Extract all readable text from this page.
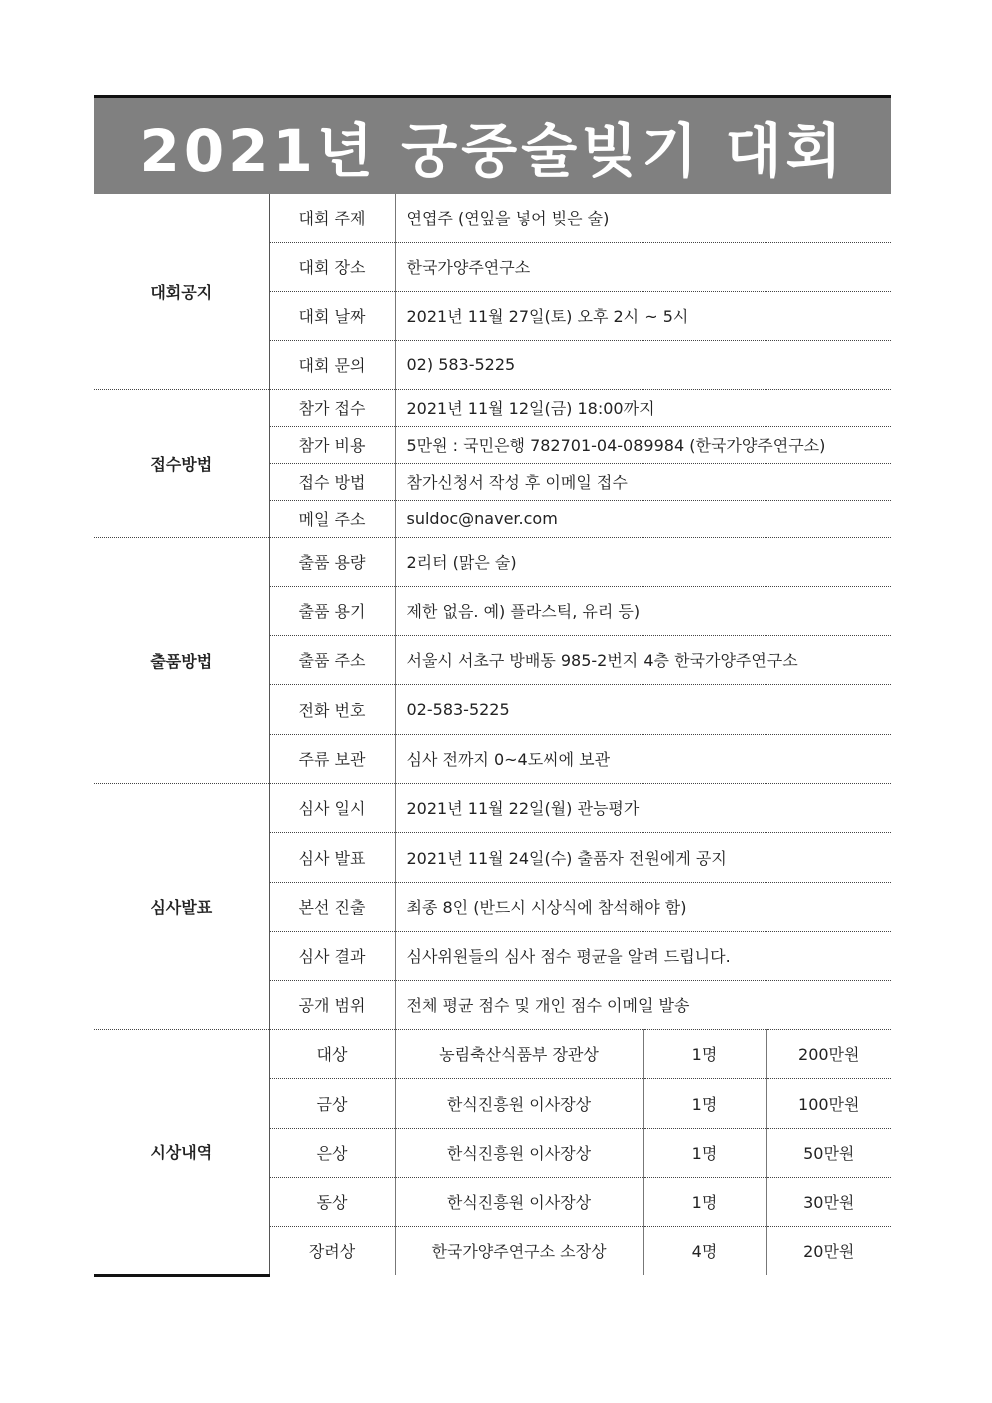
2021년 궁중술빚기 대회
대회공지	대회 주제	연엽주 (연잎을 넣어 빚은 술)		
	대회 장소	한국가양주연구소		
	대회 날짜	2021년 11월 27일(토) 오후 2시 ~ 5시		
	대회 문의	02) 583-5225		
접수방법	참가 접수	2021년 11월 12일(금) 18:00까지		
	참가 비용	5만원 : 국민은행 782701-04-089984 (한국가양주연구소)		
	접수 방법	참가신청서 작성 후 이메일 접수		
	메일 주소	suldoc@naver.com		
출품방법	출품 용량	2리터 (맑은 술)		
	출품 용기	제한 없음. 예) 플라스틱, 유리 등)		
	출품 주소	서울시 서초구 방배동 985-2번지 4층 한국가양주연구소		
	전화 번호	02-583-5225		
	주류 보관	심사 전까지 0~4도씨에 보관		
심사발표	심사 일시	2021년 11월 22일(월) 관능평가		
	심사 발표	2021년 11월 24일(수) 출품자 전원에게 공지		
	본선 진출	최종 8인 (반드시 시상식에 참석해야 함)		
	심사 결과	심사위원들의 심사 점수 평균을 알려 드립니다.		
	공개 범위	전체 평균 점수 및 개인 점수 이메일 발송		
시상내역	대상	농림축산식품부 장관상	1명	200만원
	금상	한식진흥원 이사장상	1명	100만원
	은상	한식진흥원 이사장상	1명	50만원
	동상	한식진흥원 이사장상	1명	30만원
	장려상	한국가양주연구소 소장상	4명	20만원
